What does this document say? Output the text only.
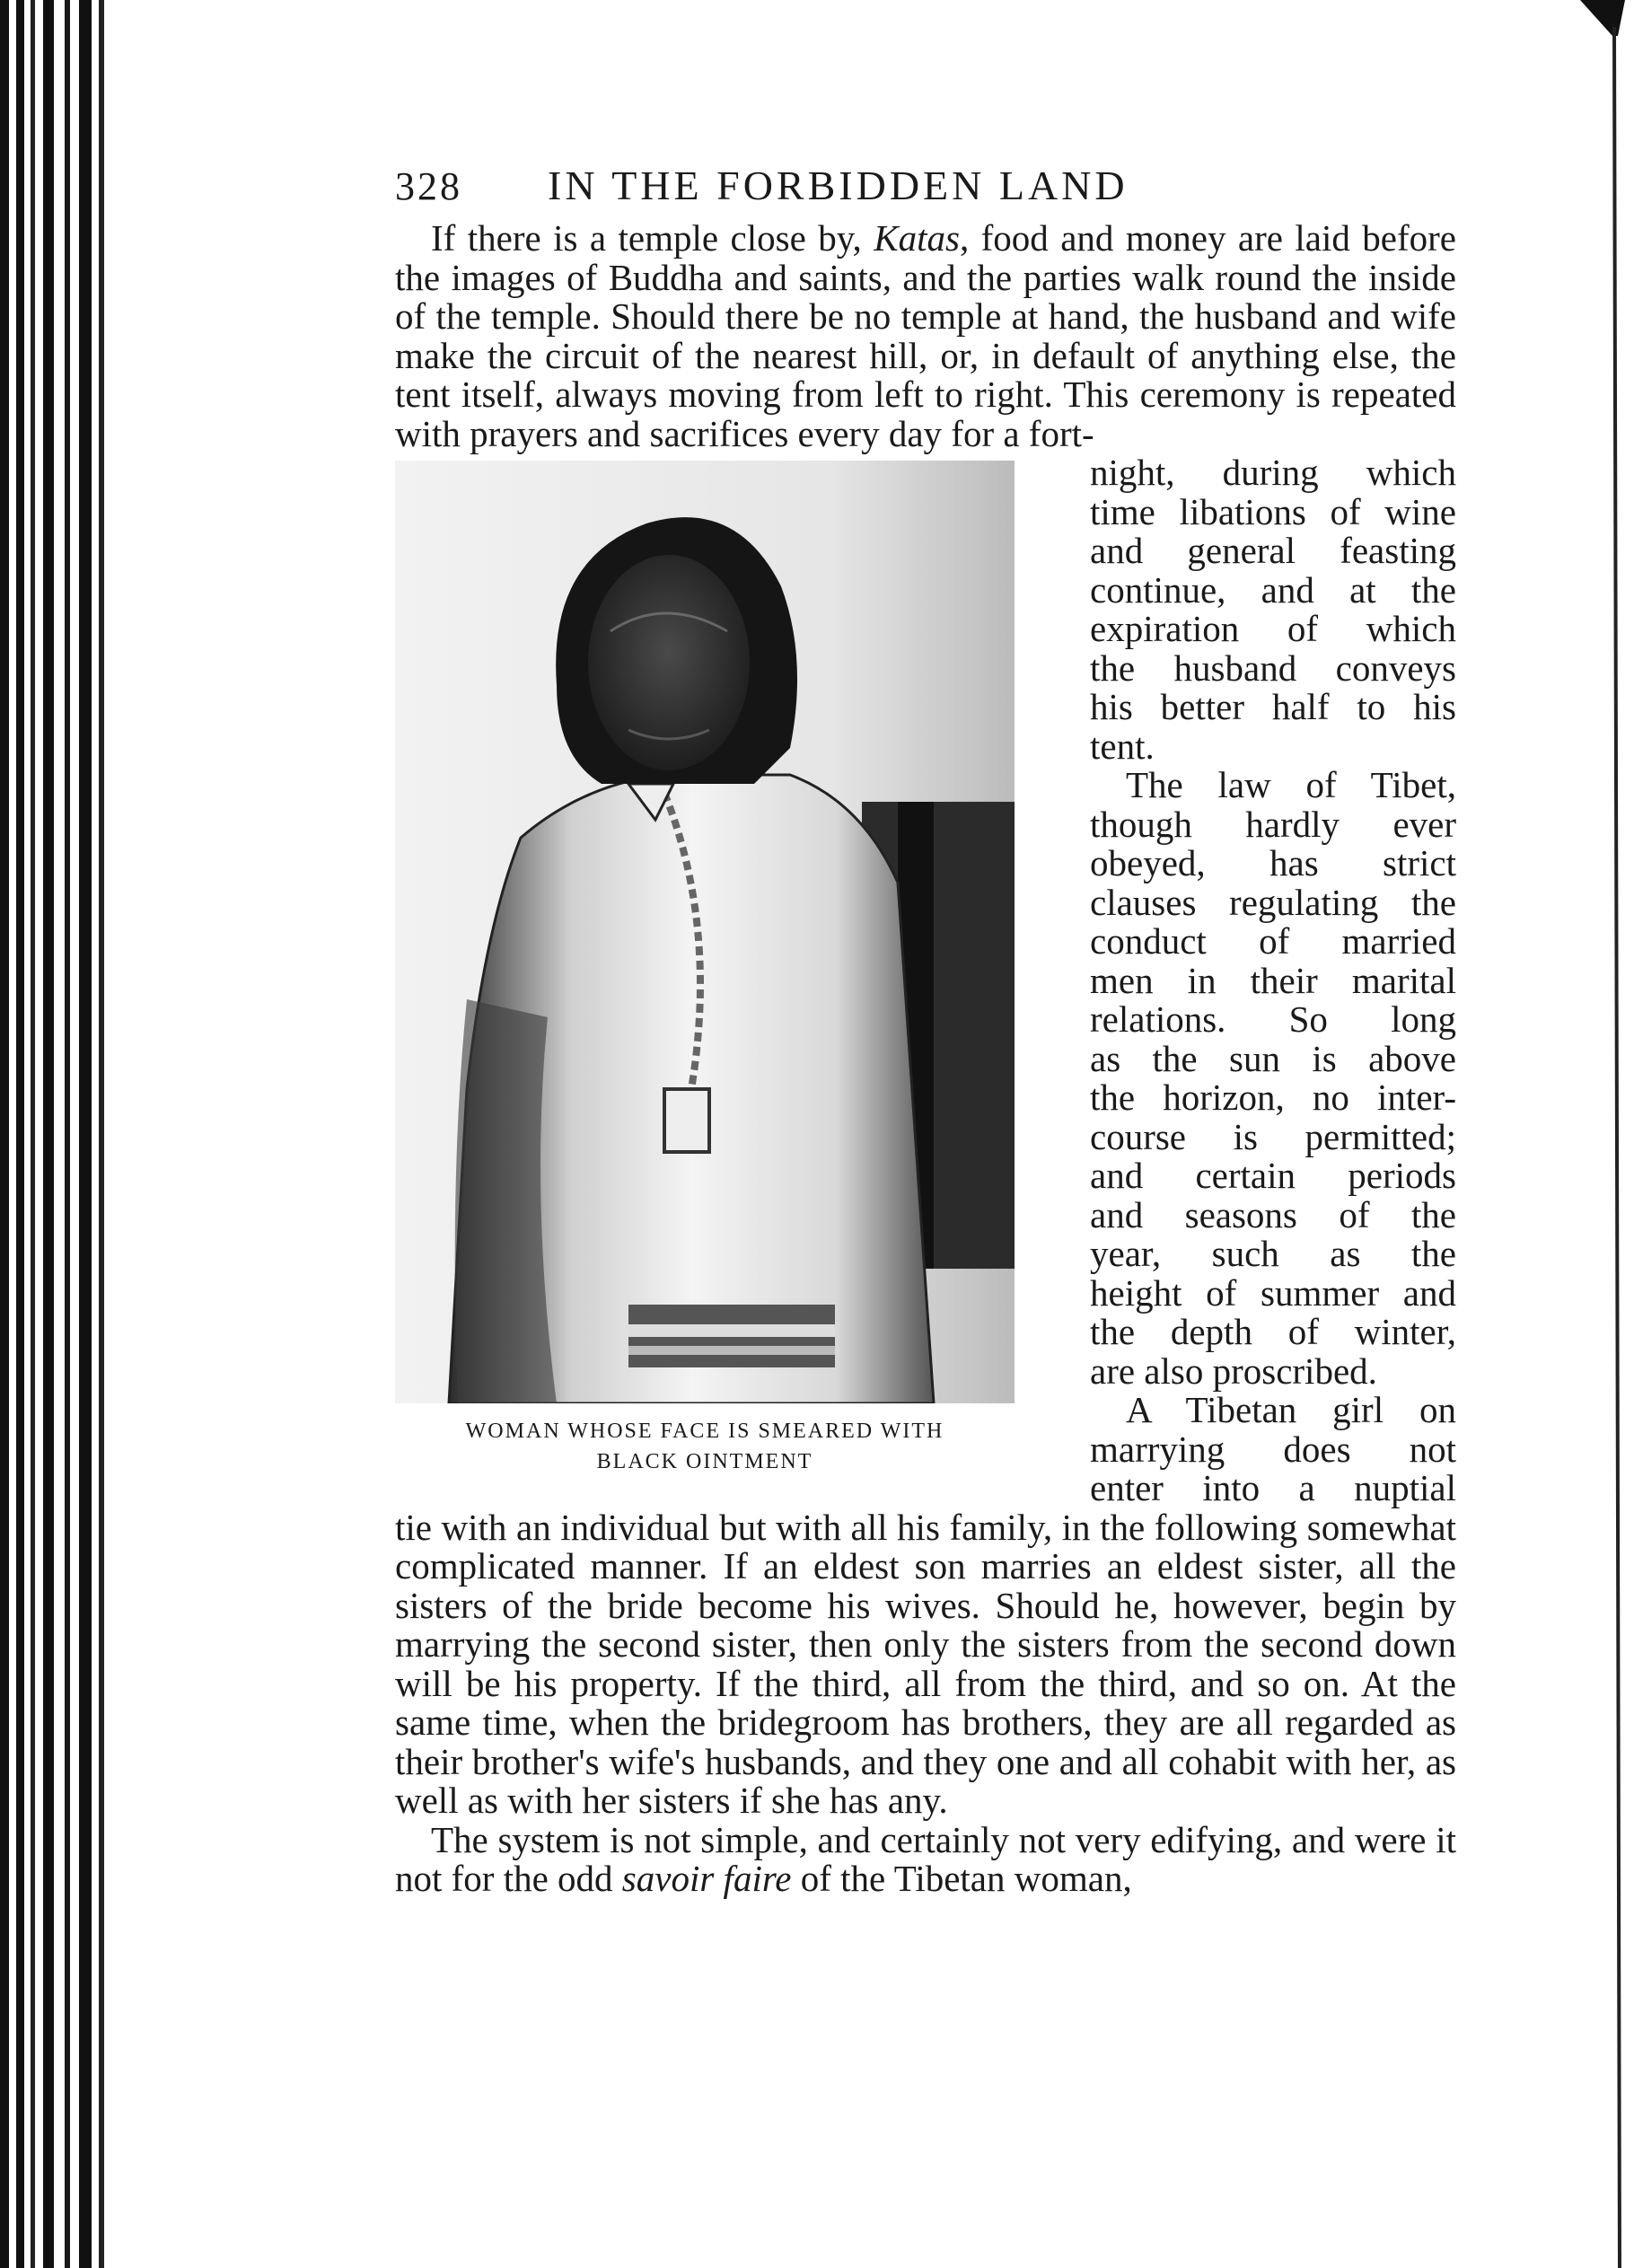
328	IN THE FORBIDDEN LAND

If there is a temple close by, Katas, food and money are laid before the images of Buddha and saints, and the parties walk round the inside of the temple. Should there be no temple at hand, the husband and wife make the circuit of the nearest hill, or, in default of anything else, the tent itself, always moving from left to right. This ceremony is repeated with prayers and sacrifices every day for a fort-

WOMAN WHOSE FACE IS SMEARED WITH
BLACK OINTMENT
night, during which
time libations of wine
and general feasting
continue, and at the
expiration of which
the husband conveys
his better half to his
tent.
The law of Tibet,
though hardly ever
obeyed, has strict
clauses regulating the
conduct of married
men in their marital
relations. So long
as the sun is above
the horizon, no inter-
course is permitted;
and certain periods
and seasons of the
year, such as the
height of summer and
the depth of winter,
are also proscribed.
A Tibetan girl on
marrying does not
enter into a nuptial

tie with an individual but with all his family, in the following somewhat complicated manner. If an eldest son marries an eldest sister, all the sisters of the bride become his wives. Should he, however, begin by marrying the second sister, then only the sisters from the second down will be his property. If the third, all from the third, and so on. At the same time, when the bridegroom has brothers, they are all regarded as their brother's wife's husbands, and they one and all cohabit with her, as well as with her sisters if she has any.

The system is not simple, and certainly not very edifying, and were it not for the odd savoir faire of the Tibetan woman,
